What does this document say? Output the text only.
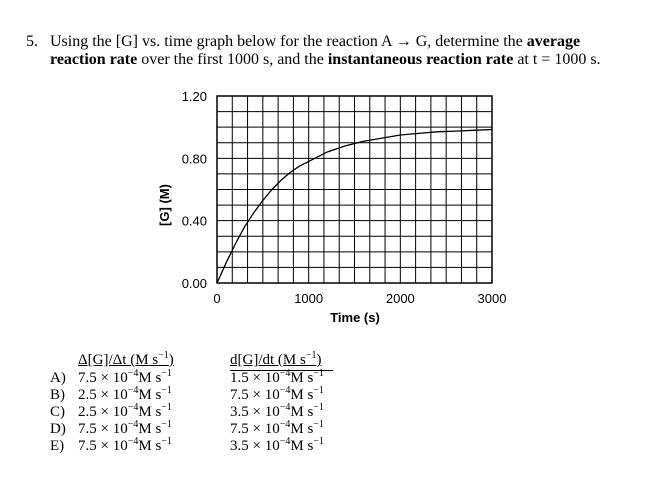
5. Using the [G] vs. time graph below for the reaction A → G, determine the average
reaction rate over the first 1000 s, and the instantaneous reaction rate at t = 1000 s.
1.20
0.80
0.40
0.00
0	1000	2000	3000
Time (s)
[G] (M)
Δ[G]/Δt (M $s^{-1}$)	d[G]/dt (M $s^{-1}$)
A) $7.5 \times 10^{-4}M$ $s^{-1}$	$1.5 \times 10^{-4}M$ $s^{-1}$
B) $2.5 \times 10^{-4}M$ $s^{-1}$	$7.5 \times 10^{-4}M$ $s^{-1}$
C) $2.5 \times 10^{-4}M$ $s^{-1}$	$3.5 \times 10^{-4}M$ $s^{-1}$
D) $7.5 \times 10^{-4}M$ $s^{-1}$	$7.5 \times 10^{-4}M$ $s^{-1}$
E) $7.5 \times 10^{-4}M$ $s^{-1}$	$3.5 \times 10^{-4}M$ $s^{-1}$
